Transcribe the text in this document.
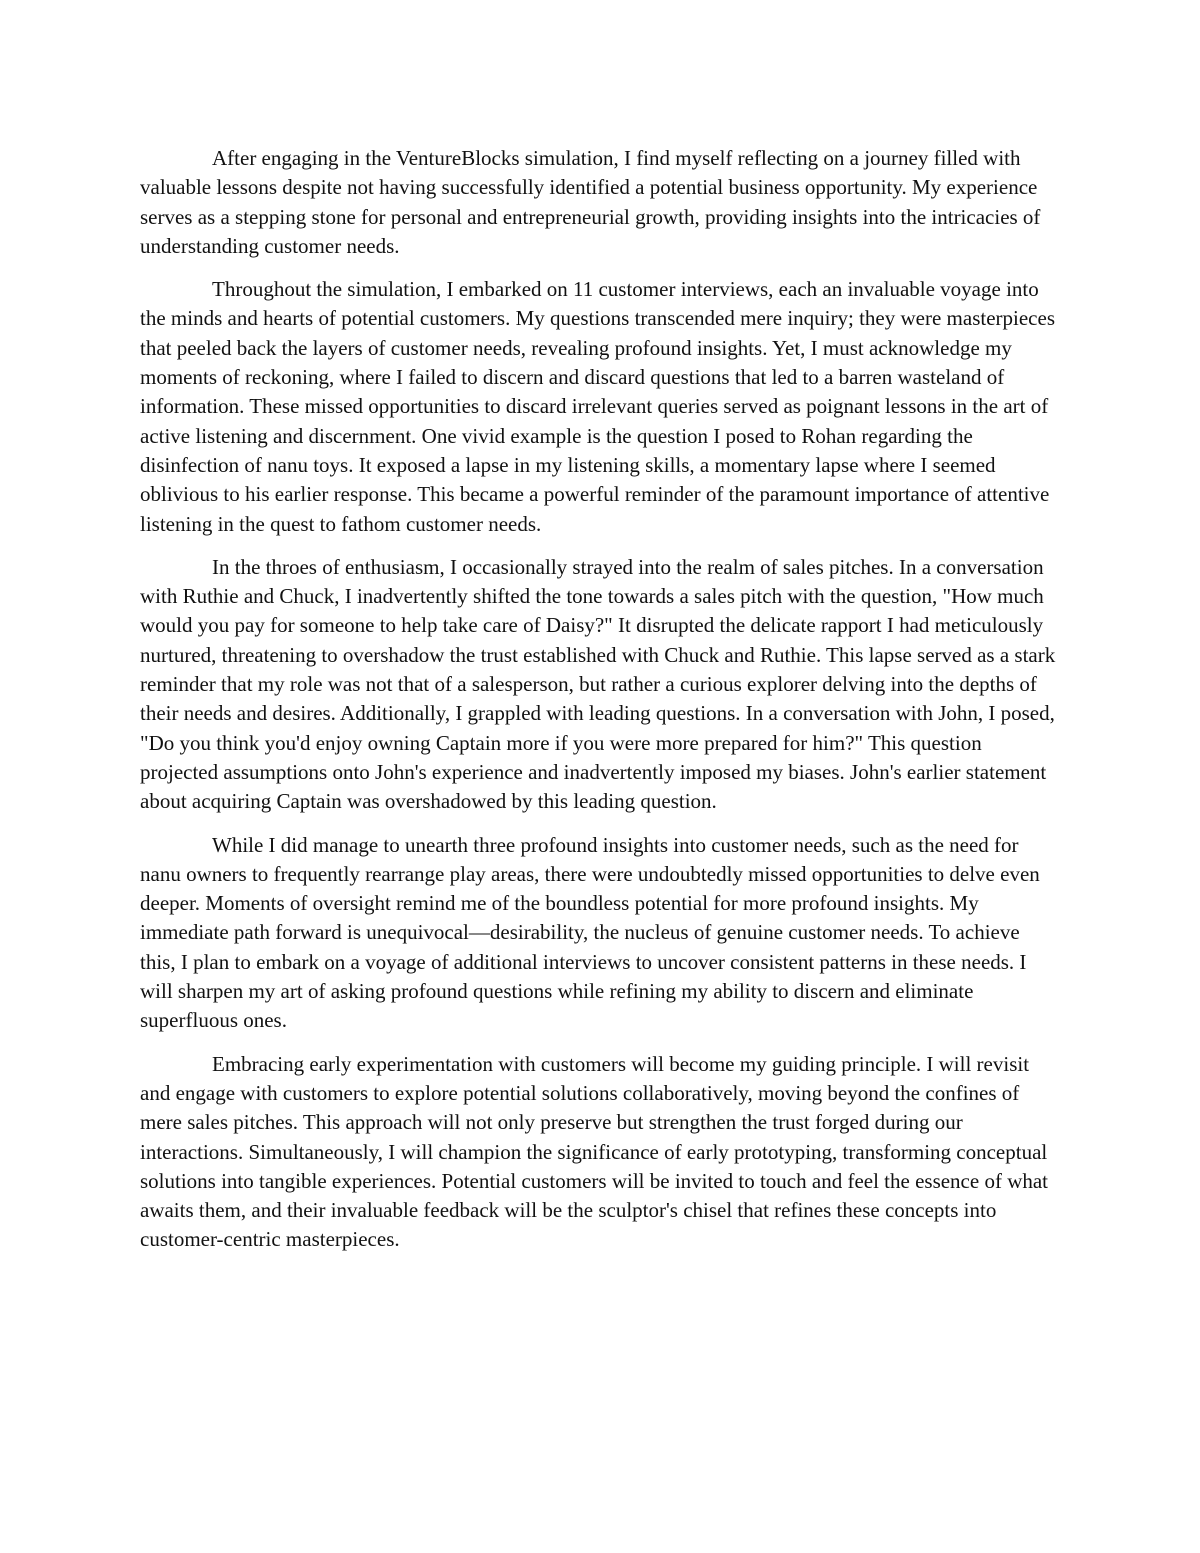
After engaging in the VentureBlocks simulation, I find myself reflecting on a journey filled with valuable lessons despite not having successfully identified a potential business opportunity. My experience serves as a stepping stone for personal and entrepreneurial growth, providing insights into the intricacies of understanding customer needs.

Throughout the simulation, I embarked on 11 customer interviews, each an invaluable voyage into the minds and hearts of potential customers. My questions transcended mere inquiry; they were masterpieces that peeled back the layers of customer needs, revealing profound insights. Yet, I must acknowledge my moments of reckoning, where I failed to discern and discard questions that led to a barren wasteland of information. These missed opportunities to discard irrelevant queries served as poignant lessons in the art of active listening and discernment. One vivid example is the question I posed to Rohan regarding the disinfection of nanu toys. It exposed a lapse in my listening skills, a momentary lapse where I seemed oblivious to his earlier response. This became a powerful reminder of the paramount importance of attentive listening in the quest to fathom customer needs.

In the throes of enthusiasm, I occasionally strayed into the realm of sales pitches. In a conversation with Ruthie and Chuck, I inadvertently shifted the tone towards a sales pitch with the question, "How much would you pay for someone to help take care of Daisy?" It disrupted the delicate rapport I had meticulously nurtured, threatening to overshadow the trust established with Chuck and Ruthie. This lapse served as a stark reminder that my role was not that of a salesperson, but rather a curious explorer delving into the depths of their needs and desires. Additionally, I grappled with leading questions. In a conversation with John, I posed, "Do you think you'd enjoy owning Captain more if you were more prepared for him?" This question projected assumptions onto John's experience and inadvertently imposed my biases. John's earlier statement about acquiring Captain was overshadowed by this leading question.

While I did manage to unearth three profound insights into customer needs, such as the need for nanu owners to frequently rearrange play areas, there were undoubtedly missed opportunities to delve even deeper. Moments of oversight remind me of the boundless potential for more profound insights. My immediate path forward is unequivocal—desirability, the nucleus of genuine customer needs. To achieve this, I plan to embark on a voyage of additional interviews to uncover consistent patterns in these needs. I will sharpen my art of asking profound questions while refining my ability to discern and eliminate superfluous ones.

Embracing early experimentation with customers will become my guiding principle. I will revisit and engage with customers to explore potential solutions collaboratively, moving beyond the confines of mere sales pitches. This approach will not only preserve but strengthen the trust forged during our interactions. Simultaneously, I will champion the significance of early prototyping, transforming conceptual solutions into tangible experiences. Potential customers will be invited to touch and feel the essence of what awaits them, and their invaluable feedback will be the sculptor's chisel that refines these concepts into customer-centric masterpieces.
